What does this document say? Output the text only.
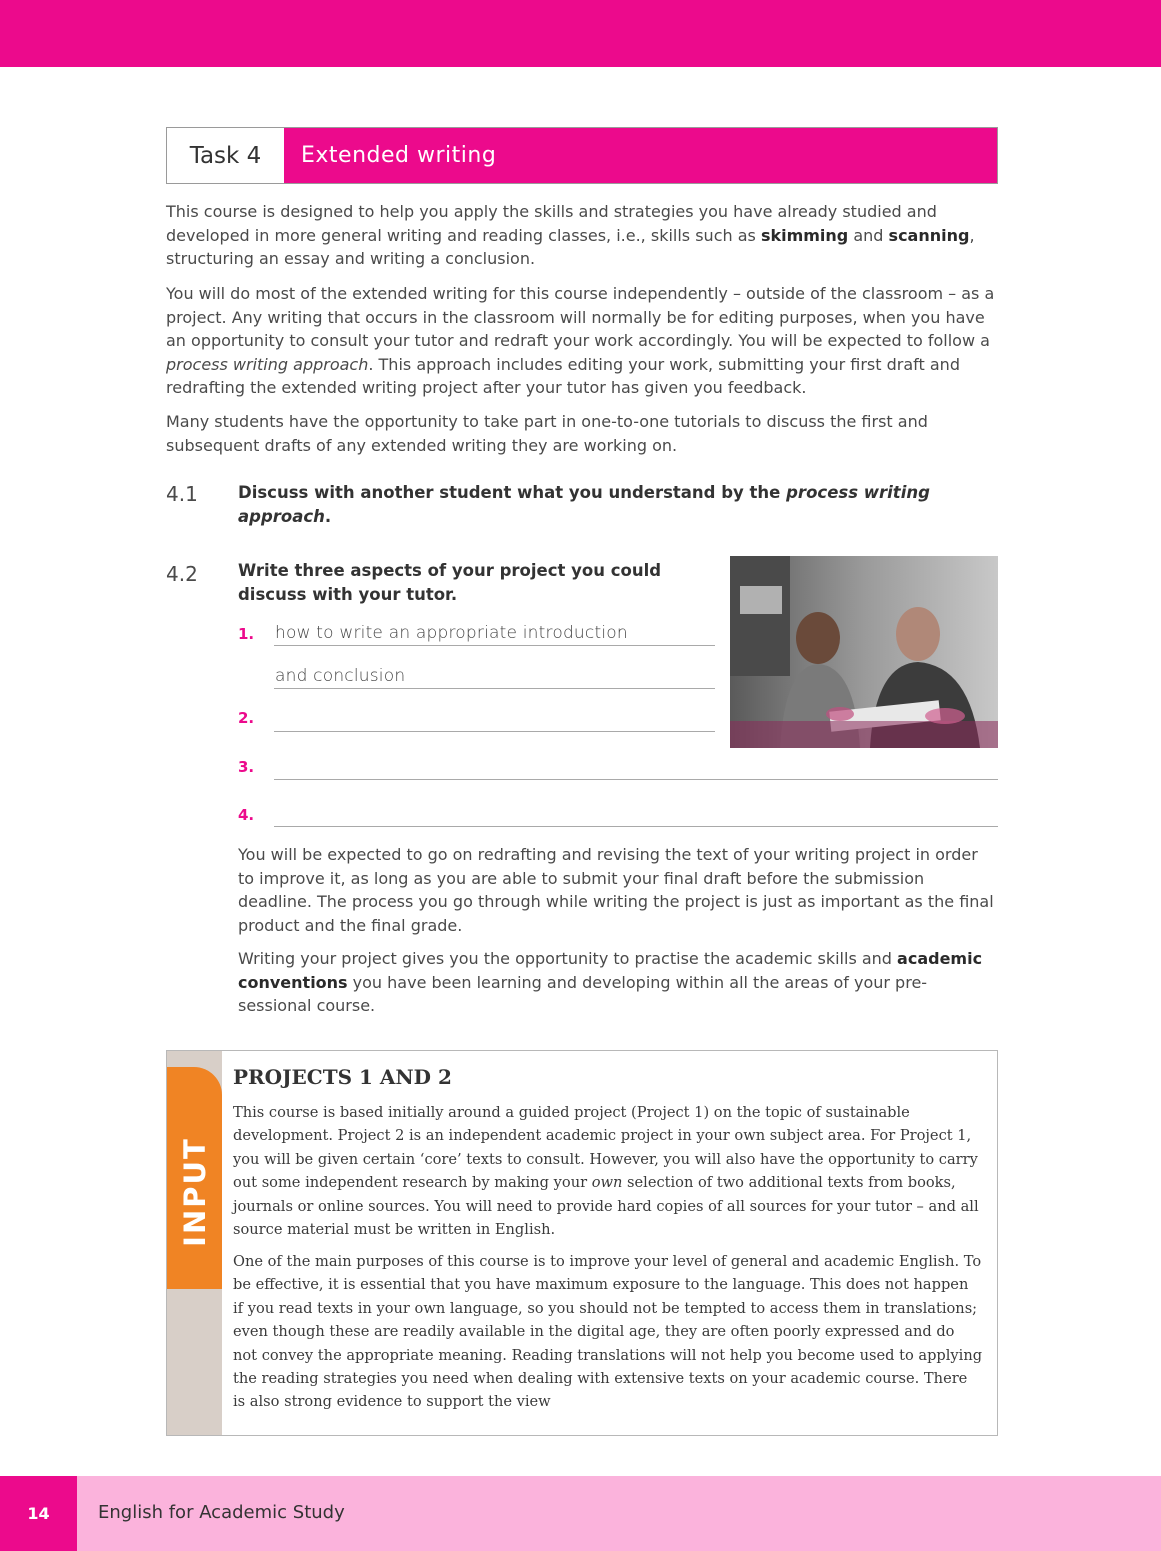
Task 4	Extended writing

This course is designed to help you apply the skills and strategies you have already studied and developed in more general writing and reading classes, i.e., skills such as skimming and scanning, structuring an essay and writing a conclusion.

You will do most of the extended writing for this course independently – outside of the classroom – as a project. Any writing that occurs in the classroom will normally be for editing purposes, when you have an opportunity to consult your tutor and redraft your work accordingly. You will be expected to follow a process writing approach. This approach includes editing your work, submitting your first draft and redrafting the extended writing project after your tutor has given you feedback.

Many students have the opportunity to take part in one-to-one tutorials to discuss the first and subsequent drafts of any extended writing they are working on.

4.1 Discuss with another student what you understand by the process writing approach.

4.2 Write three aspects of your project you could discuss with your tutor.

1. how to write an appropriate introduction
and conclusion
2.
3.
4.

You will be expected to go on redrafting and revising the text of your writing project in order to improve it, as long as you are able to submit your final draft before the submission deadline. The process you go through while writing the project is just as important as the final product and the final grade.

Writing your project gives you the opportunity to practise the academic skills and academic conventions you have been learning and developing within all the areas of your pre-sessional course.

INPUT
PROJECTS 1 AND 2

This course is based initially around a guided project (Project 1) on the topic of sustainable development. Project 2 is an independent academic project in your own subject area. For Project 1, you will be given certain ‘core’ texts to consult. However, you will also have the opportunity to carry out some independent research by making your own selection of two additional texts from books, journals or online sources. You will need to provide hard copies of all sources for your tutor – and all source material must be written in English.

One of the main purposes of this course is to improve your level of general and academic English. To be effective, it is essential that you have maximum exposure to the language. This does not happen if you read texts in your own language, so you should not be tempted to access them in translations; even though these are readily available in the digital age, they are often poorly expressed and do not convey the appropriate meaning. Reading translations will not help you become used to applying the reading strategies you need when dealing with extensive texts on your academic course. There is also strong evidence to support the view

14	English for Academic Study
